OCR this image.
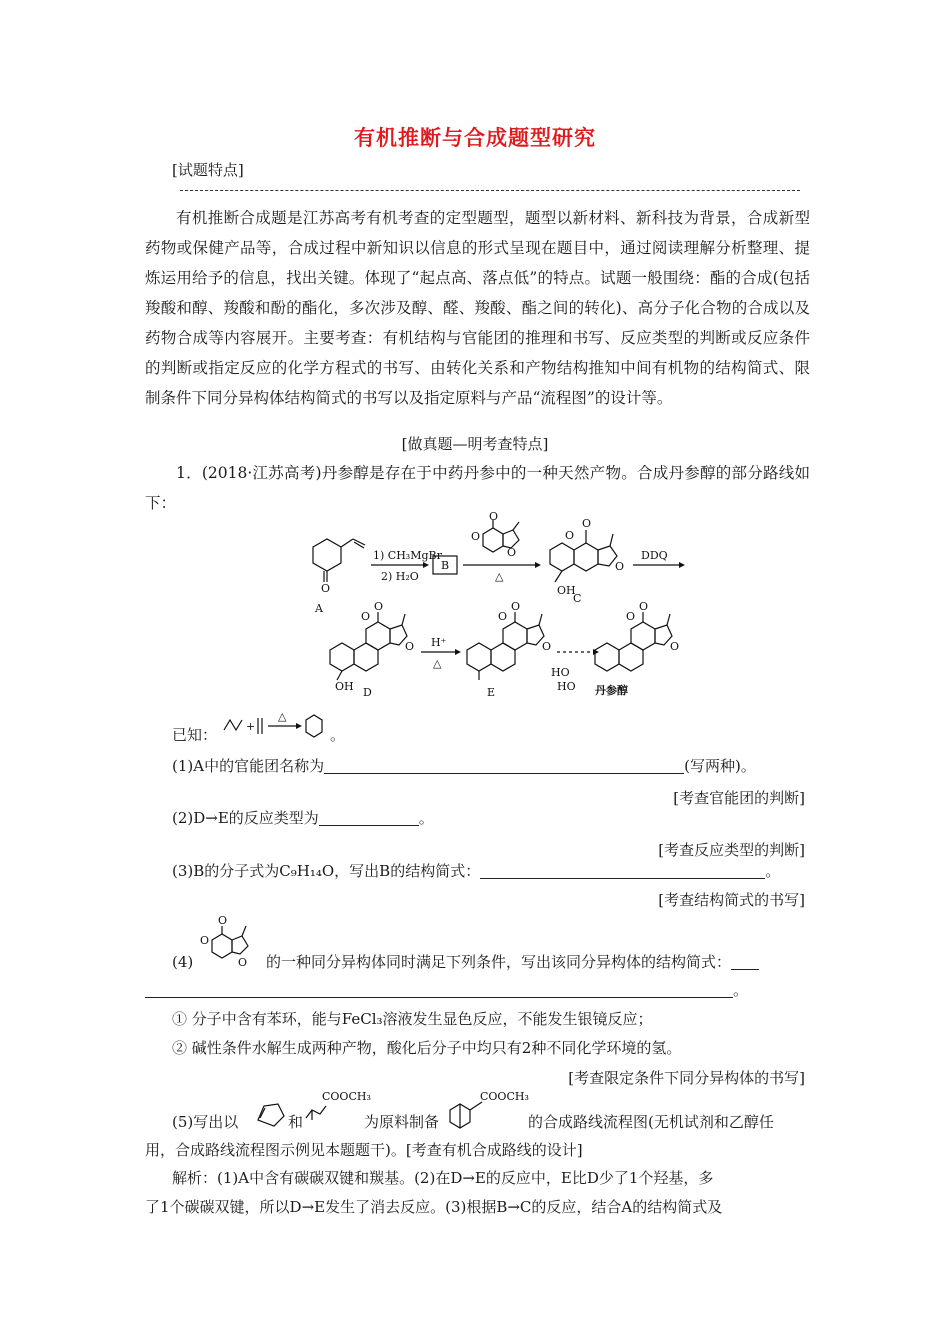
有机推断与合成题型研究
[试题特点]

有机推断合成题是江苏高考有机考查的定型题型，题型以新材料、新科技为背景，合成新型药物或保健产品等，合成过程中新知识以信息的形式呈现在题目中，通过阅读理解分析整理、提炼运用给予的信息，找出关键。体现了“起点高、落点低”的特点。试题一般围绕：酯的合成(包括羧酸和醇、羧酸和酚的酯化，多次涉及醇、醛、羧酸、酯之间的转化)、高分子化合物的合成以及药物合成等内容展开。主要考查：有机结构与官能团的推理和书写、反应类型的判断或反应条件的判断或指定反应的化学方程式的书写、由转化关系和产物结构推知中间有机物的结构简式、限制条件下同分异构体结构简式的书写以及指定原料与产品“流程图”的设计等。

[做真题—明考查特点]

1．(2018·江苏高考)丹参醇是存在于中药丹参中的一种天然产物。合成丹参醇的部分路线如下：

O
A
1) CH₃MgBr
2) H₂O
B
△
O
O
O
O
O
OH
C
O
DDQ
O
O
OH D
O H⁺
△
O
O
E
O
O
O
HO
HO 丹参醇
O
已知：	+
△
。
(1)A中的官能团名称为	(写两种)。
[考查官能团的判断]
(2)D→E的反应类型为	。
[考查反应类型的判断]
(3)B的分子式为C₉H₁₄O，写出B的结构简式：	。
[考查结构简式的书写]
(4)
O
O
O 的一种同分异构体同时满足下列条件，写出该同分异构体的结构简式：
。
① 分子中含有苯环，能与FeCl₃溶液发生显色反应，不能发生银镜反应；
② 碱性条件水解生成两种产物，酸化后分子中均只有2种不同化学环境的氢。
[考查限定条件下同分异构体的书写]
(5)写出以
COOCH₃	COOCH₃
和	为原料制备	的合成路线流程图(无机试剂和乙醇任
用，合成路线流程图示例见本题题干)。[考查有机合成路线的设计]
解析：(1)A中含有碳碳双键和羰基。(2)在D→E的反应中，E比D少了1个羟基，多
了1个碳碳双键，所以D→E发生了消去反应。(3)根据B→C的反应，结合A的结构简式及
